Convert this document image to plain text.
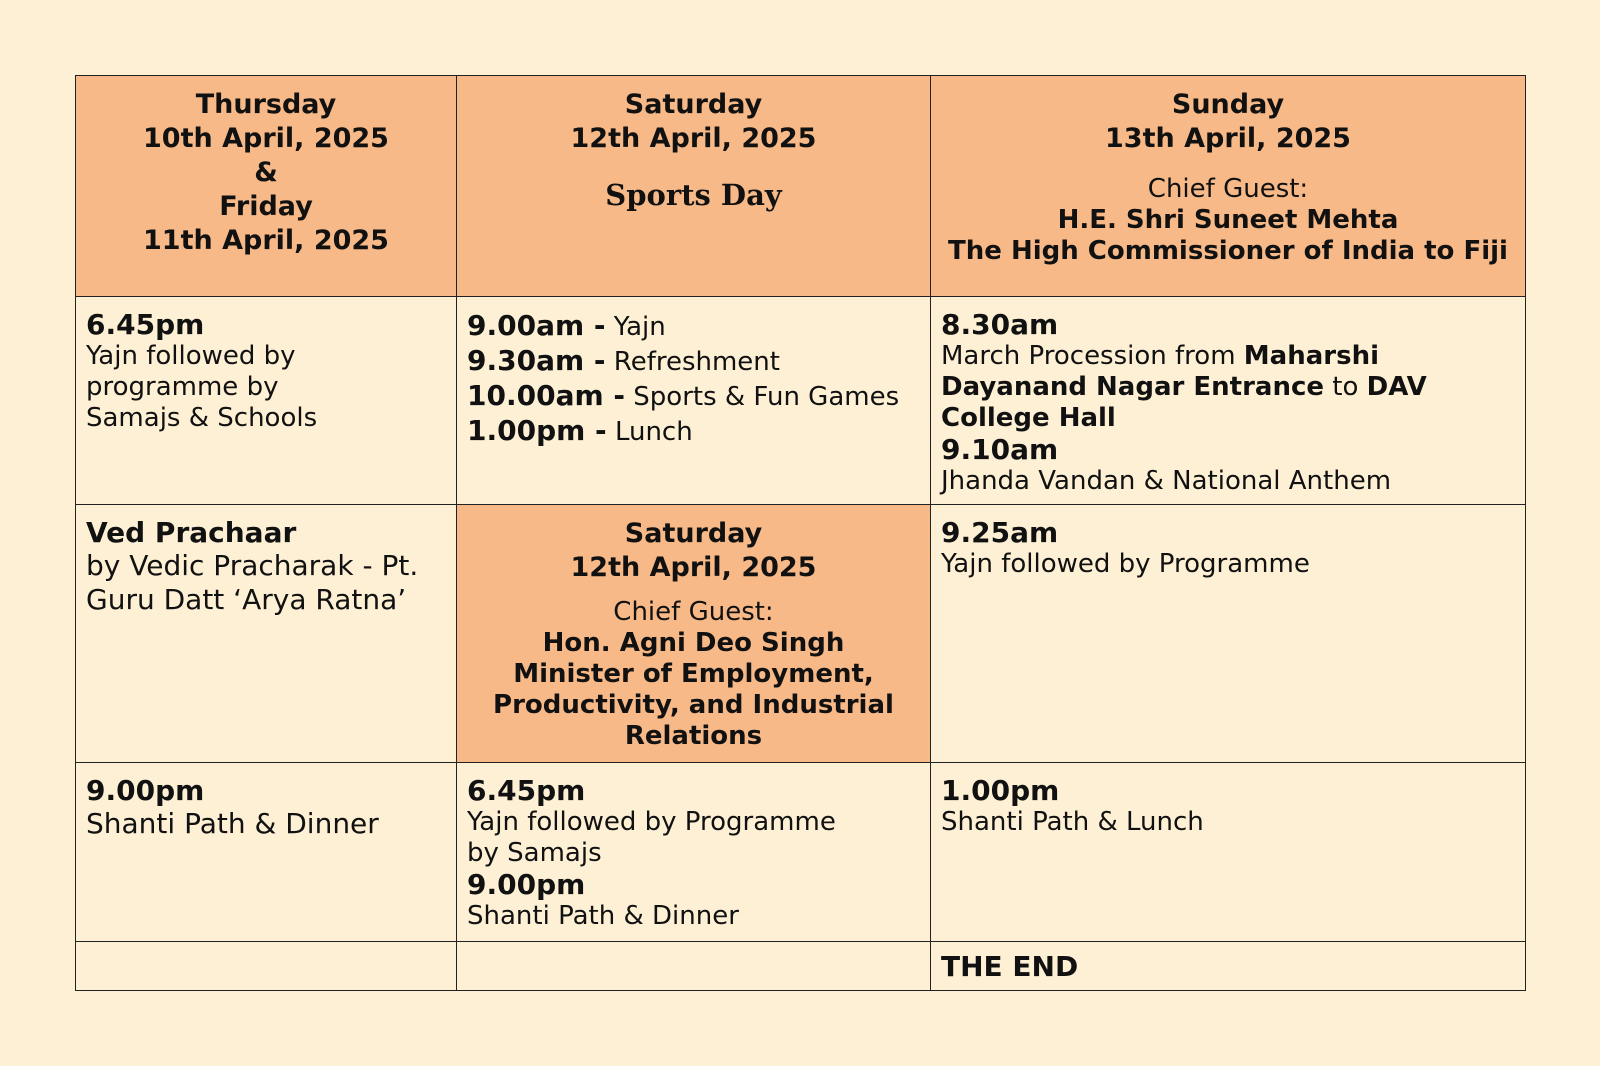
Thursday
10th April, 2025
&
Friday
11th April, 2025	Saturday
12th April, 2025
Sports Day	Sunday
13th April, 2025
Chief Guest:
H.E. Shri Suneet Mehta
The High Commissioner of India to Fiji

6.45pm
Yajn followed by
programme by
Samajs & Schools	9.00am - Yajn
9.30am - Refreshment
10.00am - Sports & Fun Games
1.00pm - Lunch	8.30am
March Procession from Maharshi Dayanand Nagar Entrance to DAV College Hall
9.10am
Jhanda Vandan & National Anthem

Ved Prachaar
by Vedic Pracharak - Pt. Guru Datt ‘Arya Ratna’	Saturday
12th April, 2025
Chief Guest:
Hon. Agni Deo Singh
Minister of Employment, Productivity, and Industrial Relations	9.25am
Yajn followed by Programme

9.00pm
Shanti Path & Dinner	6.45pm
Yajn followed by Programme
by Samajs
9.00pm
Shanti Path & Dinner	1.00pm
Shanti Path & Lunch

		THE END
